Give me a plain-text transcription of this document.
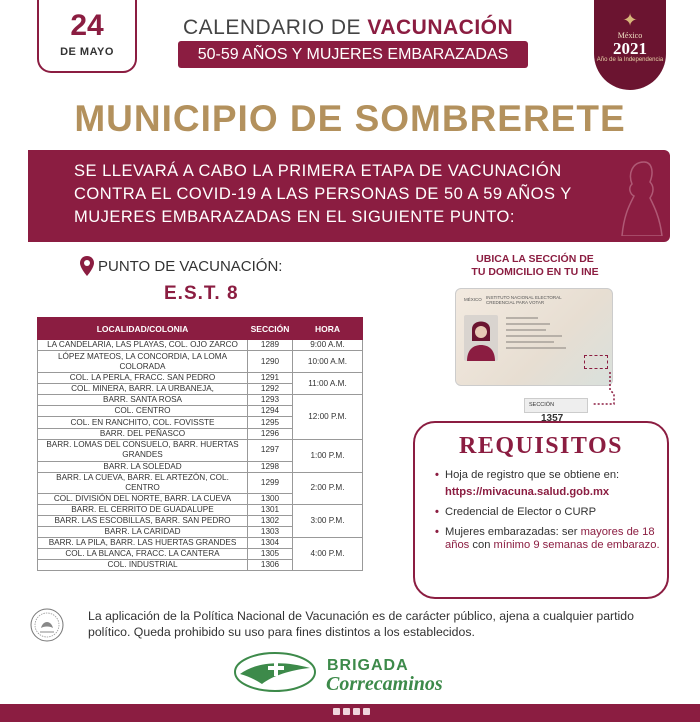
24
DE MAYO
CALENDARIO DE VACUNACIÓN
50-59 AÑOS Y MUJERES EMBARAZADAS
✦
México
2021
Año de la Independencia
MUNICIPIO DE SOMBRERETE
SE LLEVARÁ A CABO LA PRIMERA ETAPA DE VACUNACIÓN
CONTRA EL COVID-19 A LAS PERSONAS DE 50 A 59 AÑOS Y
MUJERES EMBARAZADAS EN EL SIGUIENTE PUNTO:
PUNTO DE VACUNACIÓN:
E.S.T. 8
LOCALIDAD/COLONIA	SECCIÓN	HORA
LA CANDELARIA, LAS PLAYAS, COL. OJO ZARCO	1289	9:00 A.M.
LÓPEZ MATEOS, LA CONCORDIA, LA LOMA COLORADA	1290	10:00 A.M.
COL. LA PERLA, FRACC. SAN PEDRO	1291	11:00 A.M.
COL. MINERA, BARR. LA URBANEJA,	1292	
BARR. SANTA ROSA	1293	12:00 P.M.
COL. CENTRO	1294	
COL. EN RANCHITO, COL. FOVISSTE	1295	
BARR. DEL PEÑASCO	1296	
BARR. LOMAS DEL CONSUELO, BARR. HUERTAS GRANDES	1297	1:00 P.M.
BARR. LA SOLEDAD	1298	
BARR. LA CUEVA, BARR. EL ARTEZÓN, COL. CENTRO	1299	2:00 P.M.
COL. DIVISIÓN DEL NORTE, BARR. LA CUEVA	1300	
BARR. EL CERRITO DE GUADALUPE	1301	3:00 P.M.
BARR. LAS ESCOBILLAS, BARR. SAN PEDRO	1302	
BARR. LA CARIDAD	1303	
BARR. LA PILA, BARR. LAS HUERTAS GRANDES	1304	4:00 P.M.
COL. LA BLANCA, FRACC. LA CANTERA	1305	
COL. INDUSTRIAL	1306	
UBICA LA SECCIÓN DE
TU DOMICILIO EN TU INE
INSTITUTO NACIONAL ELECTORAL
CREDENCIAL PARA VOTAR
MÉXICO
SECCIÓN 1357
REQUISITOS
• Hoja de registro que se obtiene en:
https://mivacuna.salud.gob.mx
• Credencial de Elector o CURP
• Mujeres embarazadas: ser mayores de 18 años con mínimo 9 semanas de embarazo.
La aplicación de la Política Nacional de Vacunación es de carácter público, ajena a cualquier partido político. Queda prohibido su uso para fines distintos a los establecidos.
BRIGADA
Correcaminos
